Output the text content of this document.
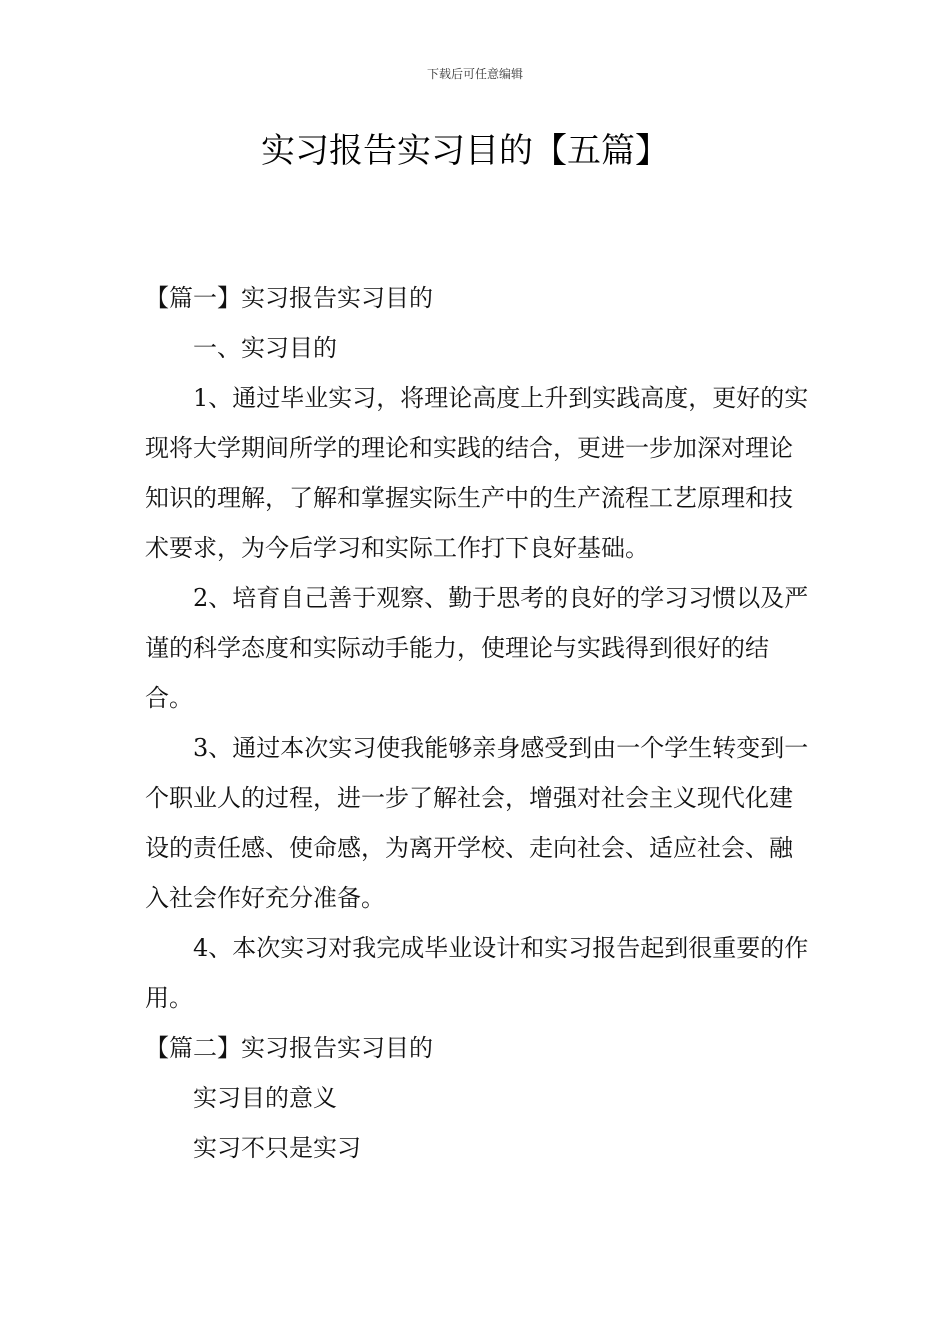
下载后可任意编辑
实习报告实习目的【五篇】

【篇一】实习报告实习目的

一、实习目的

1、通过毕业实习，将理论高度上升到实践高度，更好的实现将大学期间所学的理论和实践的结合，更进一步加深对理论知识的理解，了解和掌握实际生产中的生产流程工艺原理和技术要求，为今后学习和实际工作打下良好基础。

2、培育自己善于观察、勤于思考的良好的学习习惯以及严谨的科学态度和实际动手能力，使理论与实践得到很好的结合。

3、通过本次实习使我能够亲身感受到由一个学生转变到一个职业人的过程，进一步了解社会，增强对社会主义现代化建设的责任感、使命感，为离开学校、走向社会、适应社会、融入社会作好充分准备。

4、本次实习对我完成毕业设计和实习报告起到很重要的作用。

【篇二】实习报告实习目的

实习目的意义

实习不只是实习
